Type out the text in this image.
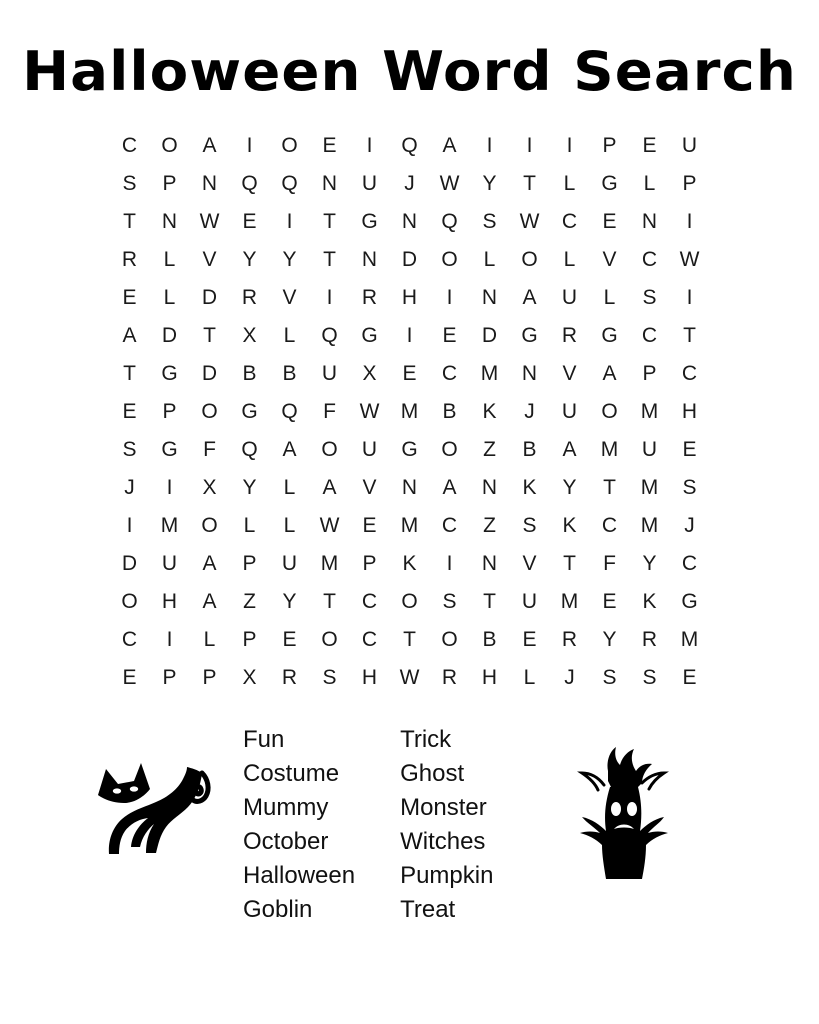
Halloween Word Search
C	O	A	I	O	E	I	Q	A	I	I	I	P	E	U
S	P	N	Q	Q	N	U	J	W	Y	T	L	G	L	P
T	N	W	E	I	T	G	N	Q	S	W	C	E	N	I
R	L	V	Y	Y	T	N	D	O	L	O	L	V	C	W
E	L	D	R	V	I	R	H	I	N	A	U	L	S	I
A	D	T	X	L	Q	G	I	E	D	G	R	G	C	T
T	G	D	B	B	U	X	E	C	M	N	V	A	P	C
E	P	O	G	Q	F	W	M	B	K	J	U	O	M	H
S	G	F	Q	A	O	U	G	O	Z	B	A	M	U	E
J	I	X	Y	L	A	V	N	A	N	K	Y	T	M	S
I	M	O	L	L	W	E	M	C	Z	S	K	C	M	J
D	U	A	P	U	M	P	K	I	N	V	T	F	Y	C
O	H	A	Z	Y	T	C	O	S	T	U	M	E	K	G
C	I	L	P	E	O	C	T	O	B	E	R	Y	R	M
E	P	P	X	R	S	H	W	R	H	L	J	S	S	E
Fun
Costume
Mummy
October
Halloween
Goblin
Trick
Ghost
Monster
Witches
Pumpkin
Treat
